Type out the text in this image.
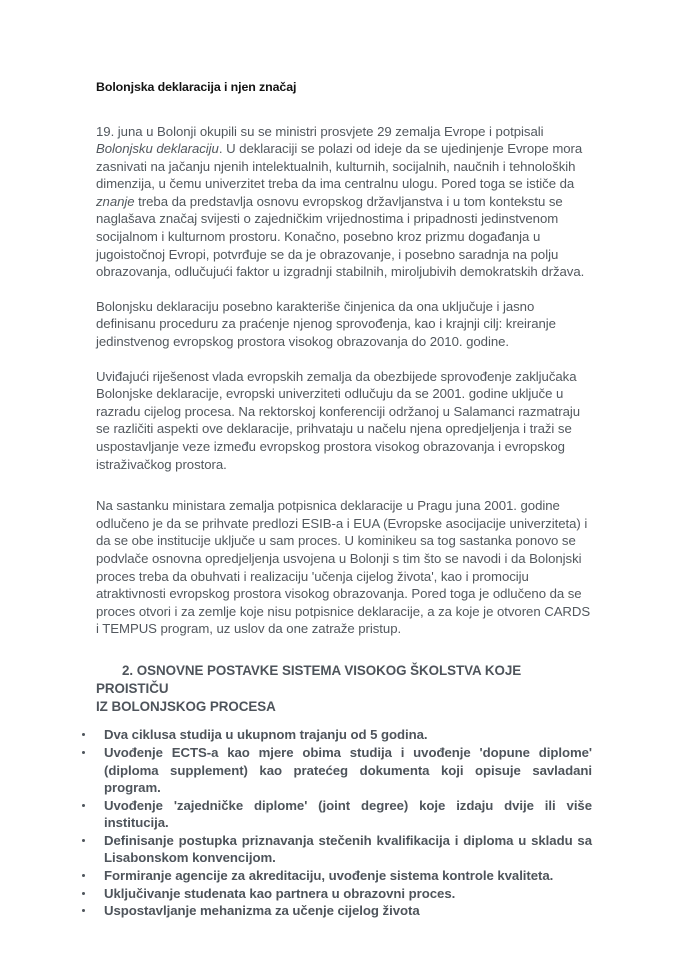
Bolonjska deklaracija i njen značaj

19. juna u Bolonji okupili su se ministri prosvjete 29 zemalja Evrope i potpisali Bolonjsku deklaraciju. U deklaraciji se polazi od ideje da se ujedinjenje Evrope mora zasnivati na jačanju njenih intelektualnih, kulturnih, socijalnih, naučnih i tehnoloških dimenzija, u čemu univerzitet treba da ima centralnu ulogu. Pored toga se ističe da znanje treba da predstavlja osnovu evropskog državljanstva i u tom kontekstu se naglašava značaj svijesti o zajedničkim vrijednostima i pripadnosti jedinstvenom socijalnom i kulturnom prostoru. Konačno, posebno kroz prizmu događanja u jugoistočnoj Evropi, potvrđuje se da je obrazovanje, i posebno saradnja na polju obrazovanja, odlučujući faktor u izgradnji stabilnih, miroljubivih demokratskih država.

Bolonjsku deklaraciju posebno karakteriše činjenica da ona uključuje i jasno definisanu proceduru za praćenje njenog sprovođenja, kao i krajnji cilj: kreiranje jedinstvenog evropskog prostora visokog obrazovanja do 2010. godine.

Uviđajući riješenost vlada evropskih zemalja da obezbijede sprovođenje zaključaka Bolonjske deklaracije, evropski univerziteti odlučuju da se 2001. godine uključe u razradu cijelog procesa. Na rektorskoj konferenciji održanoj u Salamanci razmatraju se različiti aspekti ove deklaracije, prihvataju u načelu njena opredjeljenja i traži se uspostavljanje veze između evropskog prostora visokog obrazovanja i evropskog istraživačkog prostora.

Na sastanku ministara zemalja potpisnica deklaracije u Pragu juna 2001. godine odlučeno je da se prihvate predlozi ESIB-a i EUA (Evropske asocijacije univerziteta) i da se obe institucije uključe u sam proces. U kominikeu sa tog sastanka ponovo se podvlače osnovna opredjeljenja usvojena u Bolonji s tim što se navodi i da Bolonjski proces treba da obuhvati i realizaciju 'učenja cijelog života', kao i promociju atraktivnosti evropskog prostora visokog obrazovanja. Pored toga je odlučeno da se proces otvori i za zemlje koje nisu potpisnice deklaracije, a za koje je otvoren CARDS i TEMPUS program, uz uslov da one zatraže pristup.

2. OSNOVNE POSTAVKE SISTEMA VISOKOG ŠKOLSTVA KOJE PROISTIČU
IZ BOLONJSKOG PROCESA
Dva ciklusa studija u ukupnom trajanju od 5 godina.
Uvođenje ECTS-a kao mjere obima studija i uvođenje 'dopune diplome' (diploma supplement) kao pratećeg dokumenta koji opisuje savladani program.
Uvođenje 'zajedničke diplome' (joint degree) koje izdaju dvije ili više institucija.
Definisanje postupka priznavanja stečenih kvalifikacija i diploma u skladu sa Lisabonskom konvencijom.
Formiranje agencije za akreditaciju, uvođenje sistema kontrole kvaliteta.
Uključivanje studenata kao partnera u obrazovni proces.
Uspostavljanje mehanizma za učenje cijelog života
